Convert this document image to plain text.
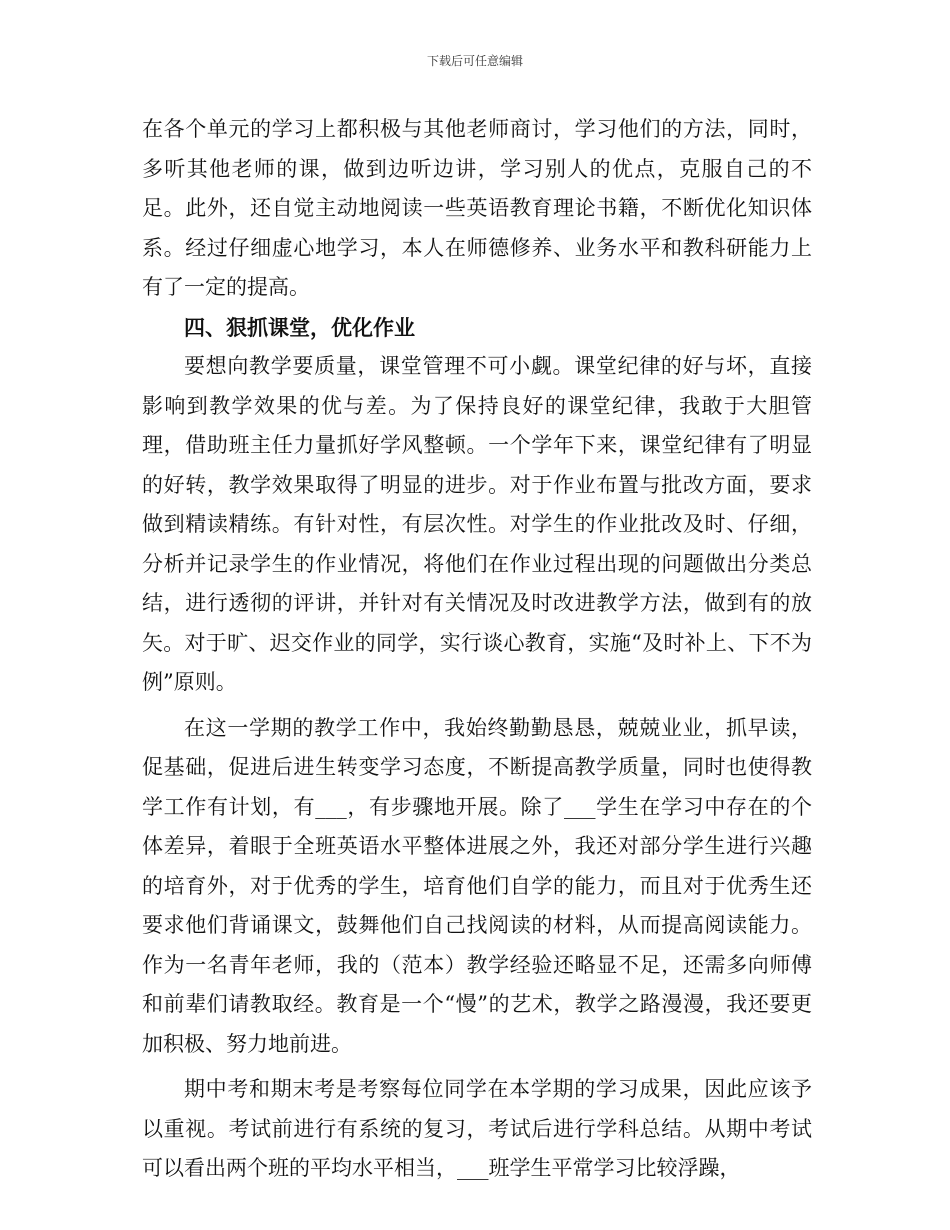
下载后可任意编辑

在各个单元的学习上都积极与其他老师商讨，学习他们的方法，同时，多听其他老师的课，做到边听边讲，学习别人的优点，克服自己的不足。此外，还自觉主动地阅读一些英语教育理论书籍，不断优化知识体系。经过仔细虚心地学习，本人在师德修养、业务水平和教科研能力上有了一定的提高。

四、狠抓课堂，优化作业

要想向教学要质量，课堂管理不可小觑。课堂纪律的好与坏，直接影响到教学效果的优与差。为了保持良好的课堂纪律，我敢于大胆管理，借助班主任力量抓好学风整顿。一个学年下来，课堂纪律有了明显的好转，教学效果取得了明显的进步。对于作业布置与批改方面，要求做到精读精练。有针对性，有层次性。对学生的作业批改及时、仔细，分析并记录学生的作业情况，将他们在作业过程出现的问题做出分类总结，进行透彻的评讲，并针对有关情况及时改进教学方法，做到有的放矢。对于旷、迟交作业的同学，实行谈心教育，实施“及时补上、下不为例”原则。

在这一学期的教学工作中，我始终勤勤恳恳，兢兢业业，抓早读，促基础，促进后进生转变学习态度，不断提高教学质量，同时也使得教学工作有计划，有___，有步骤地开展。除了___学生在学习中存在的个体差异，着眼于全班英语水平整体进展之外，我还对部分学生进行兴趣的培育外，对于优秀的学生，培育他们自学的能力，而且对于优秀生还要求他们背诵课文，鼓舞他们自己找阅读的材料，从而提高阅读能力。作为一名青年老师，我的（范本）教学经验还略显不足，还需多向师傅和前辈们请教取经。教育是一个“慢”的艺术，教学之路漫漫，我还要更加积极、努力地前进。

期中考和期末考是考察每位同学在本学期的学习成果，因此应该予以重视。考试前进行有系统的复习，考试后进行学科总结。从期中考试可以看出两个班的平均水平相当，___班学生平常学习比较浮躁，
